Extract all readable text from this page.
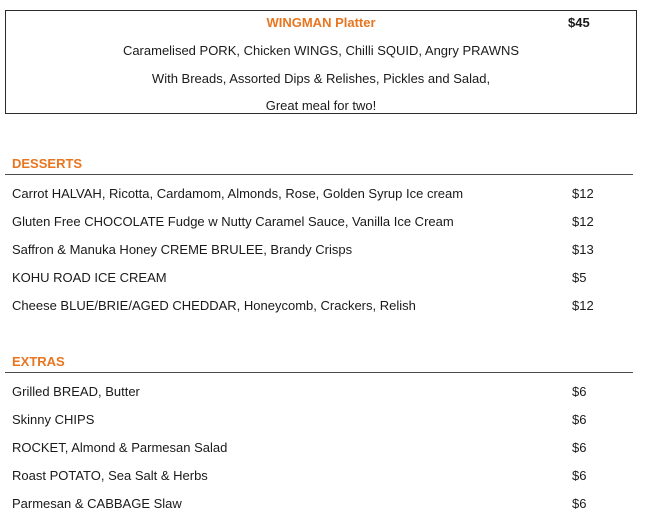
WINGMAN Platter	$45
Caramelised PORK, Chicken WINGS, Chilli SQUID, Angry PRAWNS
With Breads, Assorted Dips & Relishes, Pickles and Salad,
Great meal for two!
DESSERTS
Carrot HALVAH, Ricotta, Cardamom, Almonds, Rose, Golden Syrup Ice cream	$12
Gluten Free CHOCOLATE Fudge w Nutty Caramel Sauce, Vanilla Ice Cream	$12
Saffron & Manuka Honey CREME BRULEE, Brandy Crisps	$13
KOHU ROAD ICE CREAM	$5
Cheese BLUE/BRIE/AGED CHEDDAR, Honeycomb, Crackers, Relish	$12
EXTRAS
Grilled BREAD, Butter	$6
Skinny CHIPS	$6
ROCKET, Almond & Parmesan Salad	$6
Roast POTATO, Sea Salt & Herbs	$6
Parmesan & CABBAGE Slaw	$6
